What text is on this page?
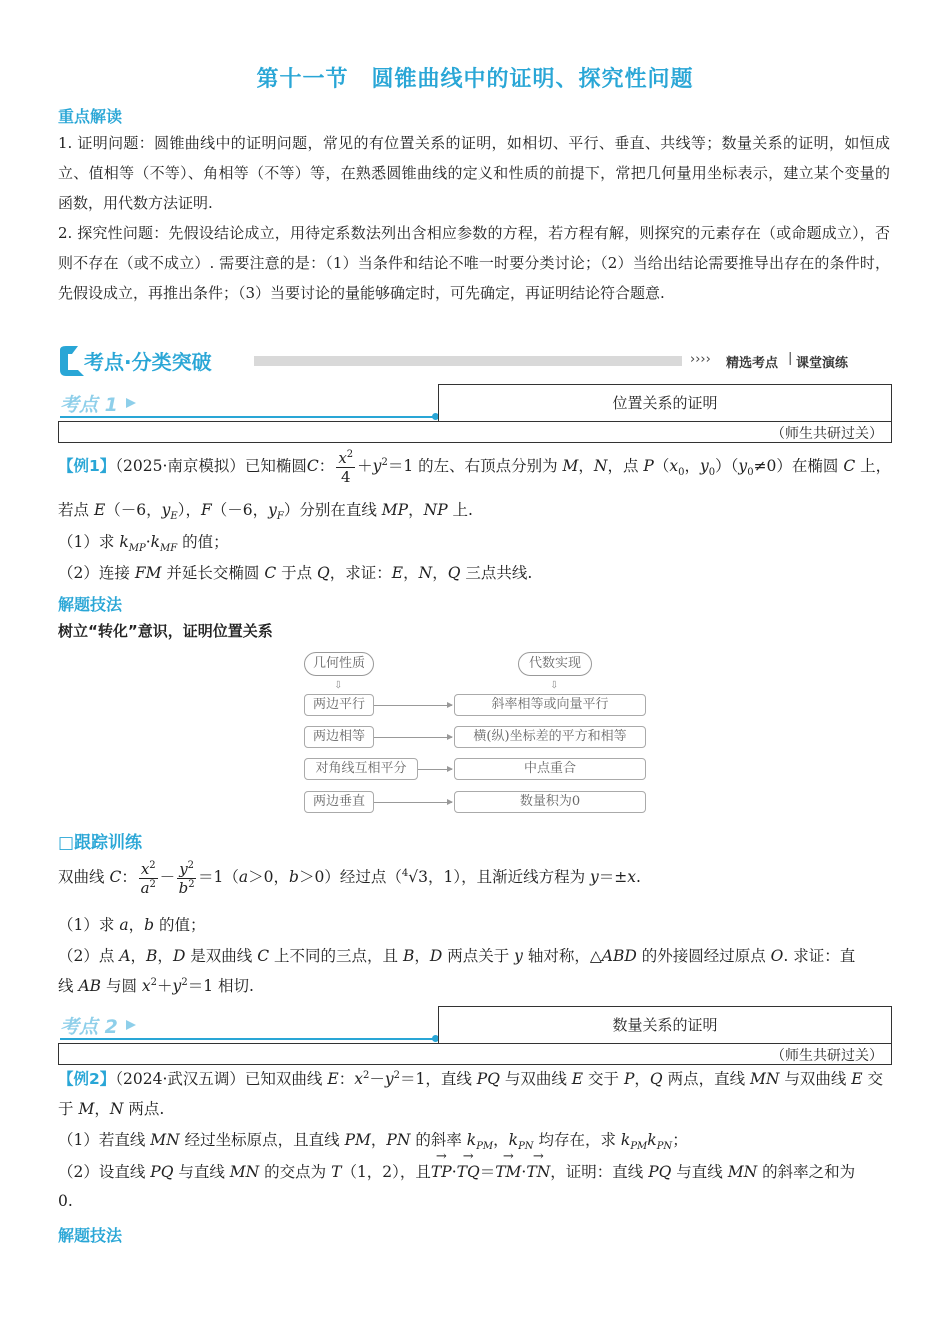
第十一节　圆锥曲线中的证明、探究性问题
重点解读

1. 证明问题：圆锥曲线中的证明问题，常见的有位置关系的证明，如相切、平行、垂直、共线等；数量关系的证明，如恒成立、值相等（不等）、角相等（不等）等，在熟悉圆锥曲线的定义和性质的前提下，常把几何量用坐标表示，建立某个变量的函数，用代数方法证明.

2. 探究性问题：先假设结论成立，用待定系数法列出含相应参数的方程，若方程有解，则探究的元素存在（或命题成立），否则不存在（或不成立）. 需要注意的是：（1）当条件和结论不唯一时要分类讨论；（2）当给出结论需要推导出存在的条件时，先假设成立，再推出条件；（3）当要讨论的量能够确定时，可先确定，再证明结论符合题意.

考点·分类突破	›››› 精选考点 | 课堂演练
考点 1	位置关系的证明
（师生共研过关）
【例1】（2025·南京模拟）已知椭圆C： $\frac{x^2}{4} +y^2=1$ 的左、右顶点分别为 M，N，点 $P(x_0$，$y_0)(y_0\ne 0)$在椭圆 C 上，
若点 E（－6，$y_E$），F（－6，$y_F$）分别在直线 MP，NP 上.
（1）求 $k_{MP}\cdot k_{MF}$ 的值；
（2）连接 FM 并延长交椭圆 C 于点 Q，求证：E，N，Q 三点共线.
解题技法
树立“转化”意识，证明位置关系
几何性质	代数实现
⇩	⇩
两边平行	斜率相等或向量平行
两边相等	横(纵)坐标差的平方和相等
对角线互相平分	中点重合
两边垂直	数量积为0
□跟踪训练
双曲线 C： $\frac{x^2}{a^2} - \frac{y^2}{b^2} =1(a>0$，b＞0）经过点（$^4$√3，1），且渐近线方程为 y＝±x.
（1）求 a，b 的值；
（2）点 A，B，D 是双曲线 C 上不同的三点，且 B，D 两点关于 y 轴对称，△ABD 的外接圆经过原点 O. 求证：直
线 AB 与圆 $x^2+y^2=1$ 相切.
考点 2	数量关系的证明
（师生共研过关）
【例2】（2024·武汉五调）已知双曲线 E：$x^2-y^2=1$，直线 PQ 与双曲线 E 交于 P，Q 两点，直线 MN 与双曲线 E 交
于 M，N 两点.
（1）若直线 MN 经过坐标原点，且直线 PM，PN 的斜率 $k_{PM}$，$k_{PN}$ 均存在，求 $k_{PM}k_{PN}$；
（2）设直线 PQ 与直线 MN 的交点为 T（1，2），且→ TP·→ TQ＝→ TM·→ TN，证明：直线 PQ 与直线 MN 的斜率之和为
0.
解题技法
